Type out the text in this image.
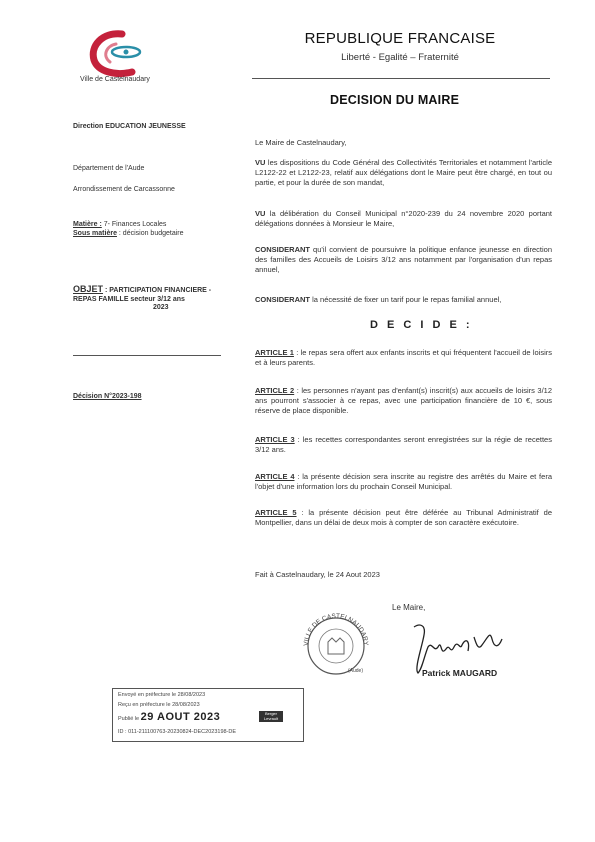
Ville de Castelnaudary
REPUBLIQUE FRANCAISE
Liberté - Egalité – Fraternité
DECISION DU MAIRE
Direction EDUCATION JEUNESSE
Département de l'Aude
Arrondissement de Carcassonne
Matière : 7- Finances Locales
Sous matière : décision budgetaire
OBJET : PARTICIPATION FINANCIERE -
REPAS FAMILLE secteur 3/12 ans
2023
Décision N°2023-198
Le Maire de Castelnaudary,
VU les dispositions du Code Général des Collectivités Territoriales et notamment l'article L2122-22 et L2122-23, relatif aux délégations dont le Maire peut être chargé, en tout ou partie, et pour la durée de son mandat,
VU la délibération du Conseil Municipal n°2020-239 du 24 novembre 2020 portant délégations données à Monsieur le Maire,
CONSIDERANT qu'il convient de poursuivre la politique enfance jeunesse en direction des familles des Accueils de Loisirs 3/12 ans notamment par l'organisation d'un repas annuel,
CONSIDERANT la nécessité de fixer un tarif pour le repas familial annuel,
D E C I D E :
ARTICLE 1 : le repas sera offert aux enfants inscrits et qui fréquentent l'accueil de loisirs et à leurs parents.
ARTICLE 2 : les personnes n'ayant pas d'enfant(s) inscrit(s) aux accueils de loisirs 3/12 ans pourront s'associer à ce repas, avec une participation financière de 10 €, sous réserve de place disponible.
ARTICLE 3 : les recettes correspondantes seront enregistrées sur la régie de recettes 3/12 ans.
ARTICLE 4 : la présente décision sera inscrite au registre des arrêtés du Maire et fera l'objet d'une information lors du prochain Conseil Municipal.
ARTICLE 5 : la présente décision peut être déférée au Tribunal Administratif de Montpellier, dans un délai de deux mois à compter de son caractère exécutoire.
Fait à Castelnaudary, le 24 Aout 2023
Le Maire,
VILLE DE CASTELNAUDARY
(Aude)	Patrick MAUGARD
Envoyé en préfecture le 28/08/2023
Reçu en préfecture le 28/08/2023
Publié le 29 AOUT 2023	Berger Levrault
ID : 011-211100763-20230824-DEC2023198-DE
